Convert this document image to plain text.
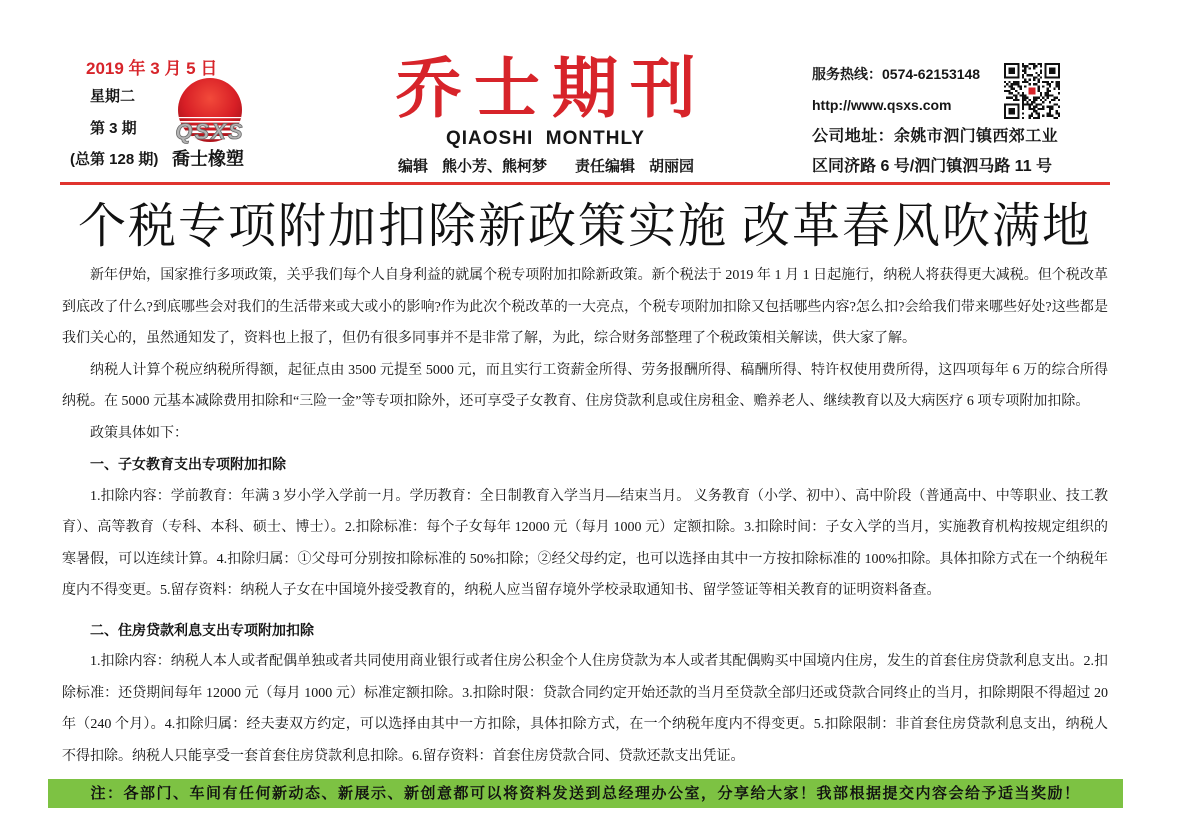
2019 年 3 月 5 日
星期二
第 3 期
(总第 128 期)
QSXS
喬士橡塑
乔士期刊
QIAOSHI  MONTHLY
编辑 熊小芳、熊柯梦 责任编辑 胡丽园
服务热线：0574-62153148
http://www.qsxs.com
公司地址：余姚市泗门镇西郊工业
区同济路 6 号/泗门镇泗马路 11 号
个税专项附加扣除新政策实施 改革春风吹满地

新年伊始，国家推行多项政策，关乎我们每个人自身利益的就属个税专项附加扣除新政策。新个税法于 2019 年 1 月 1 日起施行，纳税人将获得更大减税。但个税改革到底改了什么?到底哪些会对我们的生活带来或大或小的影响?作为此次个税改革的一大亮点，个税专项附加扣除又包括哪些内容?怎么扣?会给我们带来哪些好处?这些都是我们关心的，虽然通知发了，资料也上报了，但仍有很多同事并不是非常了解，为此，综合财务部整理了个税政策相关解读，供大家了解。

纳税人计算个税应纳税所得额，起征点由 3500 元提至 5000 元，而且实行工资薪金所得、劳务报酬所得、稿酬所得、特许权使用费所得，这四项每年 6 万的综合所得纳税。在 5000 元基本减除费用扣除和“三险一金”等专项扣除外，还可享受子女教育、住房贷款利息或住房租金、赡养老人、继续教育以及大病医疗 6 项专项附加扣除。

政策具体如下：

一、子女教育支出专项附加扣除

1.扣除内容：学前教育：年满 3 岁小学入学前一月。学历教育：全日制教育入学当月—结束当月。 义务教育（小学、初中）、高中阶段（普通高中、中等职业、技工教育）、高等教育（专科、本科、硕士、博士）。2.扣除标准：每个子女每年 12000 元（每月 1000 元）定额扣除。3.扣除时间：子女入学的当月，实施教育机构按规定组织的寒暑假，可以连续计算。4.扣除归属：①父母可分别按扣除标准的 50%扣除；②经父母约定，也可以选择由其中一方按扣除标准的 100%扣除。具体扣除方式在一个纳税年度内不得变更。5.留存资料：纳税人子女在中国境外接受教育的，纳税人应当留存境外学校录取通知书、留学签证等相关教育的证明资料备查。

二、住房贷款利息支出专项附加扣除

1.扣除内容：纳税人本人或者配偶单独或者共同使用商业银行或者住房公积金个人住房贷款为本人或者其配偶购买中国境内住房，发生的首套住房贷款利息支出。2.扣除标准：还贷期间每年 12000 元（每月 1000 元）标准定额扣除。3.扣除时限：贷款合同约定开始还款的当月至贷款全部归还或贷款合同终止的当月，扣除期限不得超过 20 年（240 个月）。4.扣除归属：经夫妻双方约定，可以选择由其中一方扣除，具体扣除方式，在一个纳税年度内不得变更。5.扣除限制：非首套住房贷款利息支出，纳税人不得扣除。纳税人只能享受一套首套住房贷款利息扣除。6.留存资料：首套住房贷款合同、贷款还款支出凭证。

注：各部门、车间有任何新动态、新展示、新创意都可以将资料发送到总经理办公室，分享给大家！我部根据提交内容会给予适当奖励！
